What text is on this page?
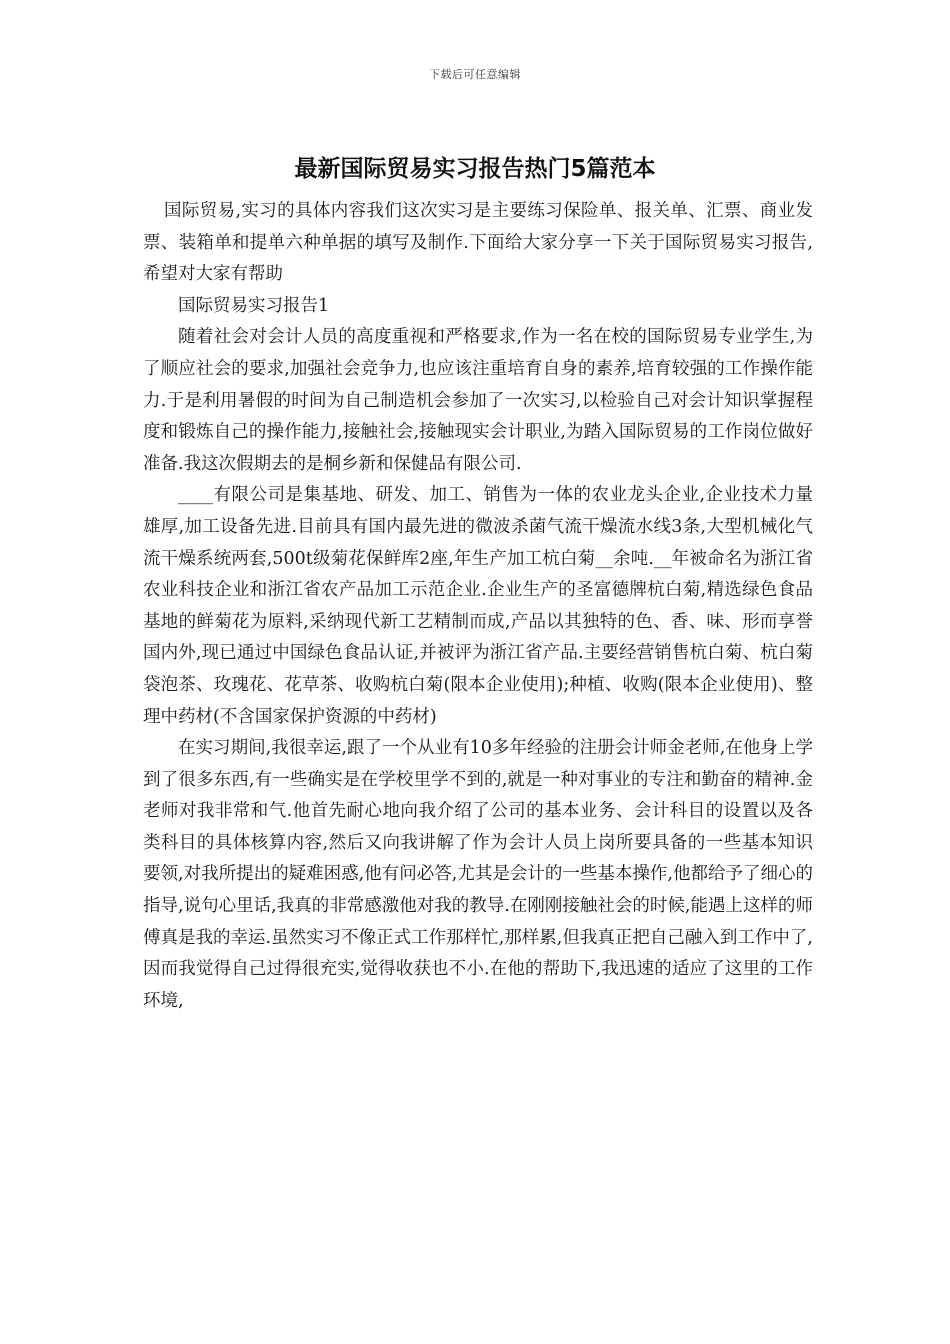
下载后可任意编辑
最新国际贸易实习报告热门5篇范本

国际贸易,实习的具体内容我们这次实习是主要练习保险单、报关单、汇票、商业发票、装箱单和提单六种单据的填写及制作.下面给大家分享一下关于国际贸易实习报告,希望对大家有帮助

国际贸易实习报告1

随着社会对会计人员的高度重视和严格要求,作为一名在校的国际贸易专业学生,为了顺应社会的要求,加强社会竞争力,也应该注重培育自身的素养,培育较强的工作操作能力.于是利用暑假的时间为自己制造机会参加了一次实习,以检验自己对会计知识掌握程度和锻炼自己的操作能力,接触社会,接触现实会计职业,为踏入国际贸易的工作岗位做好准备.我这次假期去的是桐乡新和保健品有限公司.

____有限公司是集基地、研发、加工、销售为一体的农业龙头企业,企业技术力量雄厚,加工设备先进.目前具有国内最先进的微波杀菌气流干燥流水线3条,大型机械化气流干燥系统两套,500t级菊花保鲜库2座,年生产加工杭白菊__余吨.__年被命名为浙江省农业科技企业和浙江省农产品加工示范企业.企业生产的圣富德牌杭白菊,精选绿色食品基地的鲜菊花为原料,采纳现代新工艺精制而成,产品以其独特的色、香、味、形而享誉国内外,现已通过中国绿色食品认证,并被评为浙江省产品.主要经营销售杭白菊、杭白菊袋泡茶、玫瑰花、花草茶、收购杭白菊(限本企业使用);种植、收购(限本企业使用)、整理中药材(不含国家保护资源的中药材)

在实习期间,我很幸运,跟了一个从业有10多年经验的注册会计师金老师,在他身上学到了很多东西,有一些确实是在学校里学不到的,就是一种对事业的专注和勤奋的精神.金老师对我非常和气.他首先耐心地向我介绍了公司的基本业务、会计科目的设置以及各类科目的具体核算内容,然后又向我讲解了作为会计人员上岗所要具备的一些基本知识要领,对我所提出的疑难困惑,他有问必答,尤其是会计的一些基本操作,他都给予了细心的指导,说句心里话,我真的非常感激他对我的教导.在刚刚接触社会的时候,能遇上这样的师傅真是我的幸运.虽然实习不像正式工作那样忙,那样累,但我真正把自己融入到工作中了,因而我觉得自己过得很充实,觉得收获也不小.在他的帮助下,我迅速的适应了这里的工作环境,
